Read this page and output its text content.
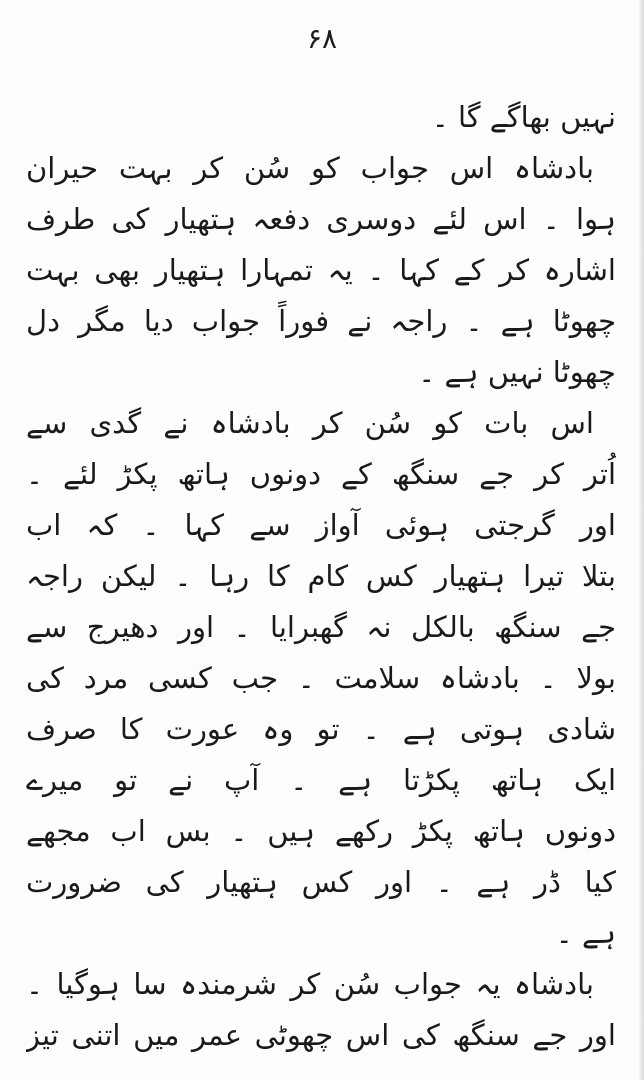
۶۸
نہیں بھاگے گا ۔
بادشاہ اس جواب کو سُن کر بہت حیران
ہوا ۔ اس لئے دوسری دفعہ ہتھیار کی طرف
اشارہ کر کے کہا ۔ یہ تمہارا ہتھیار بھی بہت
چھوٹا ہے ۔ راجہ نے فوراً جواب دیا مگر دل
چھوٹا نہیں ہے ۔
اس بات کو سُن کر بادشاہ نے گدی سے
اُتر کر جے سنگھ کے دونوں ہاتھ پکڑ لئے ۔
اور گرجتی ہوئی آواز سے کہا ۔ کہ اب
بتلا تیرا ہتھیار کس کام کا رہا ۔ لیکن راجہ
جے سنگھ بالکل نہ گھبرایا ۔ اور دھیرج سے
بولا ۔ بادشاہ سلامت ۔ جب کسی مرد کی
شادی ہوتی ہے ۔ تو وہ عورت کا صرف
ایک ہاتھ پکڑتا ہے ۔ آپ نے تو میرے
دونوں ہاتھ پکڑ رکھے ہیں ۔ بس اب مجھے
کیا ڈر ہے ۔ اور کس ہتھیار کی ضرورت
ہے ۔
بادشاہ یہ جواب سُن کر شرمندہ سا ہوگیا ۔
اور جے سنگھ کی اس چھوٹی عمر میں اتنی تیز
